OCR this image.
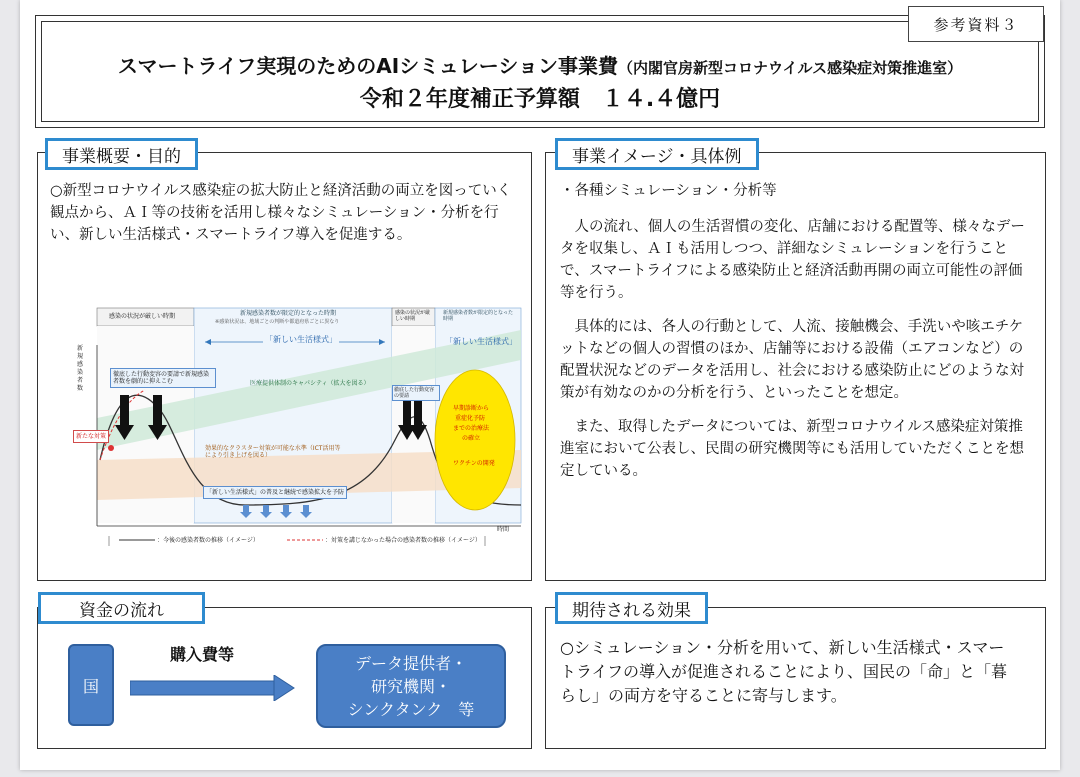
参考資料３
スマートライフ実現のためのAIシミュレーション事業費（内閣官房新型コロナウイルス感染症対策推進室）
令和２年度補正予算額　１４.４億円
事業概要・目的
○新型コロナウイルス感染症の拡大防止と経済活動の両立を図っていく観点から、ＡＩ等の技術を活用し様々なシミュレーション・分析を行い、新しい生活様式・スマートライフ導入を促進する。
感染の状況が厳しい時期	新規感染者数が限定的となった時期
※感染状況は、地域ごとの判断や都道府県ごとに異なり
感染の状況が厳しい時期
新規感染者数が限定的となった時期
「新しい生活様式」	「新しい生活様式」
新規感染者数
徹底した行動変容の要請で新規感染者数を劇的に抑えこむ
新たな対策
医療提供体制のキャパシティ（拡大を図る）
徹底した行動変容の要請
効果的なクラスター対策が可能な水準（ICT活用等により引き上げを図る）
「新しい生活様式」の普及と継続で感染拡大を予防
早期診断から
重症化予防
までの治療法
の確立
ワクチンの開発
時間
：今後の感染者数の推移（イメージ）	：対策を講じなかった場合の感染者数の推移（イメージ）
事業イメージ・具体例

・各種シミュレーション・分析等

人の流れ、個人の生活習慣の変化、店舗における配置等、様々なデータを収集し、ＡＩも活用しつつ、詳細なシミュレーションを行うことで、スマートライフによる感染防止と経済活動再開の両立可能性の評価等を行う。

具体的には、各人の行動として、人流、接触機会、手洗いや咳エチケットなどの個人の習慣のほか、店舗等における設備（エアコンなど）の配置状況などのデータを活用し、社会における感染防止にどのような対策が有効なのかの分析を行う、といったことを想定。

また、取得したデータについては、新型コロナウイルス感染症対策推進室において公表し、民間の研究機関等にも活用していただくことを想定している。

資金の流れ
国
購入費等	データ提供者・
研究機関・
シンクタンク　等
期待される効果
○シミュレーション・分析を用いて、新しい生活様式・スマートライフの導入が促進されることにより、国民の「命」と「暮らし」の両方を守ることに寄与します。
